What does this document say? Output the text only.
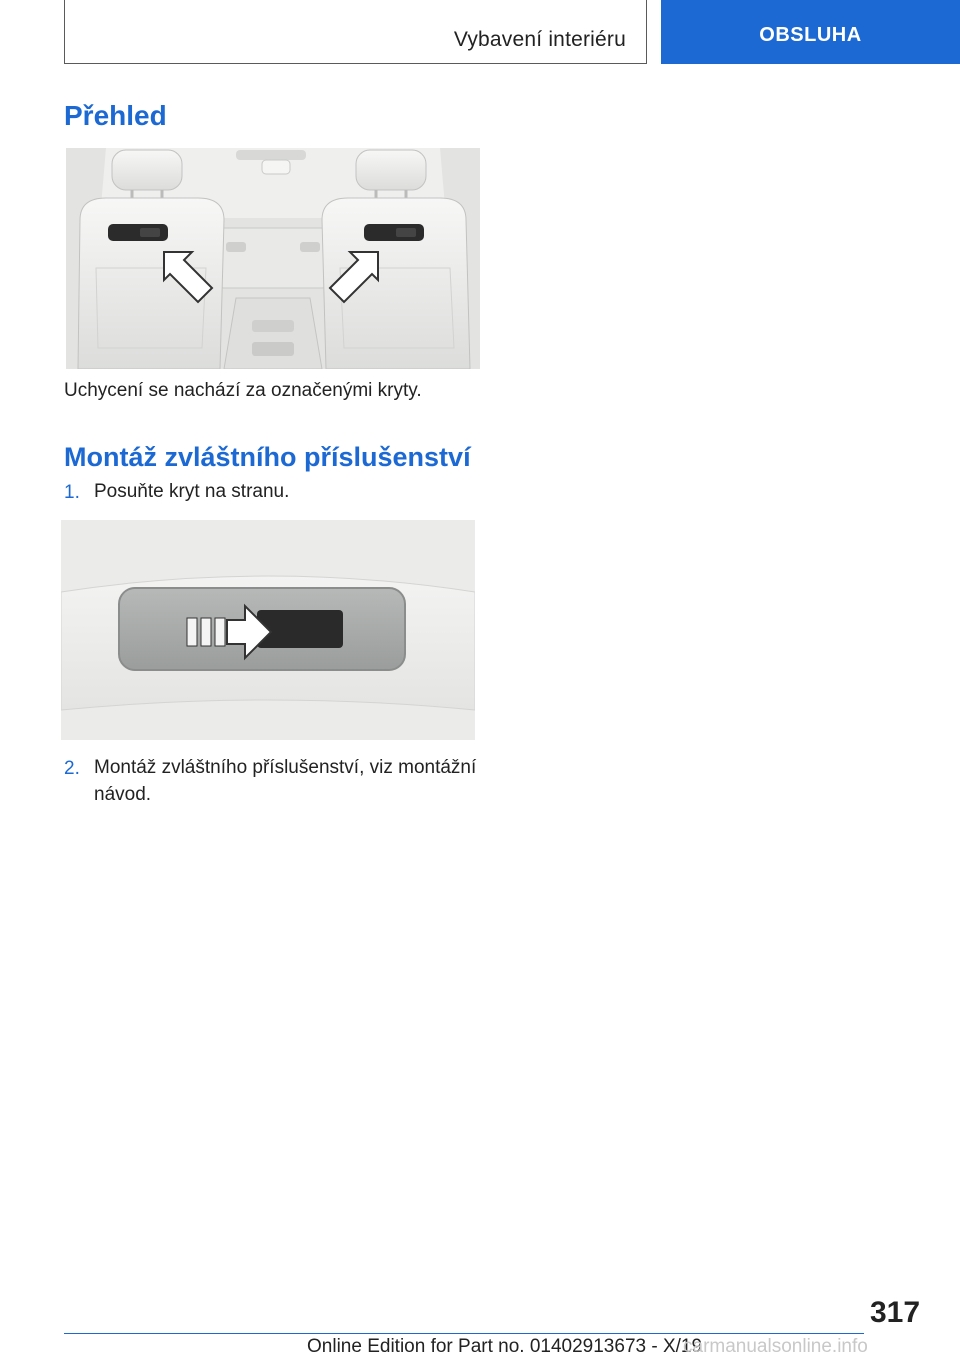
Vybavení interiéru	OBSLUHA
Přehled
Uchycení se nachází za označenými kryty.
Montáž zvláštního příslušenství
1. Posuňte kryt na stranu.
2. Montáž zvláštního příslušenství, viz montážní
návod.
317
Online Edition for Part no. 01402913673 - X/19
carmanualsonline.info
